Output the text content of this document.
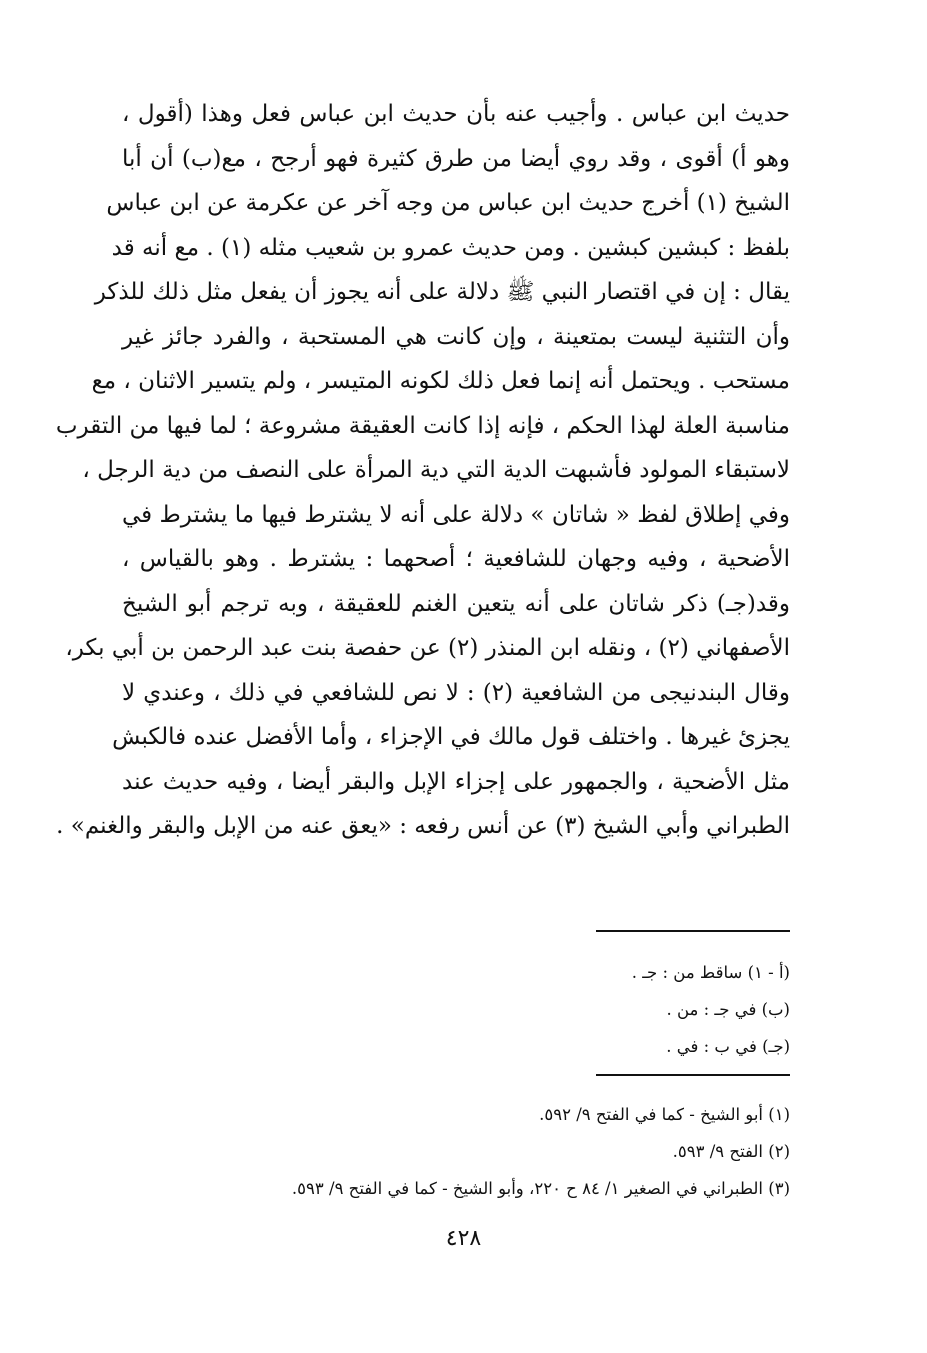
حديث ابن عباس . وأجيب عنه بأن حديث ابن عباس فعل وهذا (أقول ،
وهو أ) أقوى ، وقد روي أيضا من طرق كثيرة فهو أرجح ، مع(ب) أن أبا
الشيخ (١) أخرج حديث ابن عباس من وجه آخر عن عكرمة عن ابن عباس
بلفظ : كبشين كبشين . ومن حديث عمرو بن شعيب مثله (١) . مع أنه قد
يقال : إن في اقتصار النبي ﷺ دلالة على أنه يجوز أن يفعل مثل ذلك للذكر
وأن التثنية ليست بمتعينة ، وإن كانت هي المستحبة ، والفرد جائز غير
مستحب . ويحتمل أنه إنما فعل ذلك لكونه المتيسر ، ولم يتسير الاثنان ، مع
مناسبة العلة لهذا الحكم ، فإنه إذا كانت العقيقة مشروعة ؛ لما فيها من التقرب
لاستبقاء المولود فأشبهت الدية التي دية المرأة على النصف من دية الرجل ،
وفي إطلاق لفظ « شاتان » دلالة على أنه لا يشترط فيها ما يشترط في
الأضحية ، وفيه وجهان للشافعية ؛ أصحهما : يشترط . وهو بالقياس ،
وقد(جـ) ذكر شاتان على أنه يتعين الغنم للعقيقة ، وبه ترجم أبو الشيخ
الأصفهاني (٢) ، ونقله ابن المنذر (٢) عن حفصة بنت عبد الرحمن بن أبي بكر،
وقال البندنيجى من الشافعية (٢) : لا نص للشافعي في ذلك ، وعندي لا
يجزئ غيرها . واختلف قول مالك في الإجزاء ، وأما الأفضل عنده فالكبش
مثل الأضحية ، والجمهور على إجزاء الإبل والبقر أيضا ، وفيه حديث عند
الطبراني وأبي الشيخ (٣) عن أنس رفعه : «يعق عنه من الإبل والبقر والغنم» .
(أ - ١) ساقط من : جـ .
(ب) في جـ : من .
(جـ) في ب : في .
(١) أبو الشيخ - كما في الفتح ٩/ ٥٩٢.
(٢) الفتح ٩/ ٥٩٣.
(٣) الطبراني في الصغير ١/ ٨٤ ح ٢٢٠، وأبو الشيخ - كما في الفتح ٩/ ٥٩٣.
٤٢٨
